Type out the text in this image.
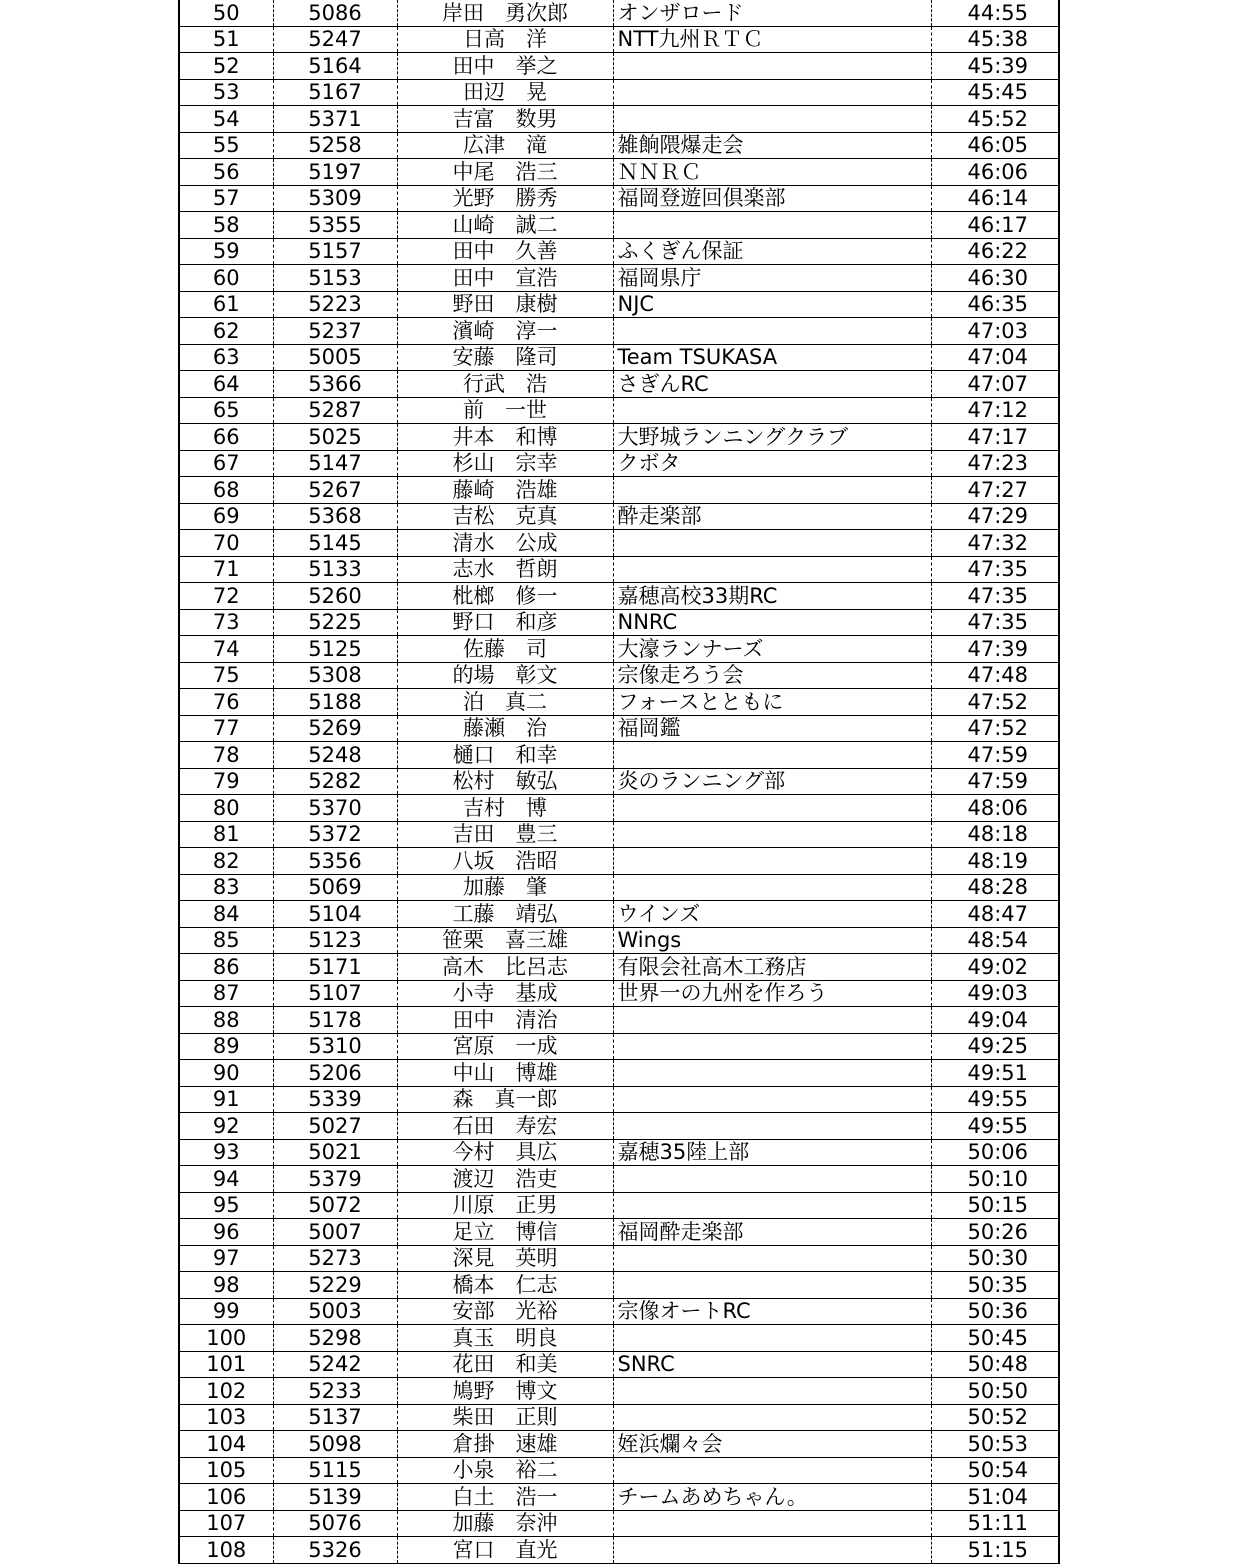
50	5086	岸田　勇次郎	オンザロード	44:55
51	5247	日高　洋	NTT九州ＲＴＣ	45:38
52	5164	田中　挙之		45:39
53	5167	田辺　晃		45:45
54	5371	吉富　数男		45:52
55	5258	広津　滝	雑餉隈爆走会	46:05
56	5197	中尾　浩三	ＮＮＲＣ	46:06
57	5309	光野　勝秀	福岡登遊回倶楽部	46:14
58	5355	山崎　誠二		46:17
59	5157	田中　久善	ふくぎん保証	46:22
60	5153	田中　宣浩	福岡県庁	46:30
61	5223	野田　康樹	NJC	46:35
62	5237	濱崎　淳一		47:03
63	5005	安藤　隆司	Team TSUKASA	47:04
64	5366	行武　浩	さぎんRC	47:07
65	5287	前　一世		47:12
66	5025	井本　和博	大野城ランニングクラブ	47:17
67	5147	杉山　宗幸	クボタ	47:23
68	5267	藤崎　浩雄		47:27
69	5368	吉松　克真	酔走楽部	47:29
70	5145	清水　公成		47:32
71	5133	志水　哲朗		47:35
72	5260	枇榔　修一	嘉穂高校33期RC	47:35
73	5225	野口　和彦	NNRC	47:35
74	5125	佐藤　司	大濠ランナーズ	47:39
75	5308	的場　彰文	宗像走ろう会	47:48
76	5188	泊　真二	フォースとともに	47:52
77	5269	藤瀬　治	福岡鑑	47:52
78	5248	樋口　和幸		47:59
79	5282	松村　敏弘	炎のランニング部	47:59
80	5370	吉村　博		48:06
81	5372	吉田　豊三		48:18
82	5356	八坂　浩昭		48:19
83	5069	加藤　肇		48:28
84	5104	工藤　靖弘	ウインズ	48:47
85	5123	笹栗　喜三雄	Wings	48:54
86	5171	高木　比呂志	有限会社高木工務店	49:02
87	5107	小寺　基成	世界一の九州を作ろう	49:03
88	5178	田中　清治		49:04
89	5310	宮原　一成		49:25
90	5206	中山　博雄		49:51
91	5339	森　真一郎		49:55
92	5027	石田　寿宏		49:55
93	5021	今村　具広	嘉穂35陸上部	50:06
94	5379	渡辺　浩吏		50:10
95	5072	川原　正男		50:15
96	5007	足立　博信	福岡酔走楽部	50:26
97	5273	深見　英明		50:30
98	5229	橋本　仁志		50:35
99	5003	安部　光裕	宗像オートRC	50:36
100	5298	真玉　明良		50:45
101	5242	花田　和美	SNRC	50:48
102	5233	鳩野　博文		50:50
103	5137	柴田　正則		50:52
104	5098	倉掛　速雄	姪浜爛々会	50:53
105	5115	小泉　裕二		50:54
106	5139	白土　浩一	チームあめちゃん。	51:04
107	5076	加藤　奈沖		51:11
108	5326	宮口　直光		51:15
